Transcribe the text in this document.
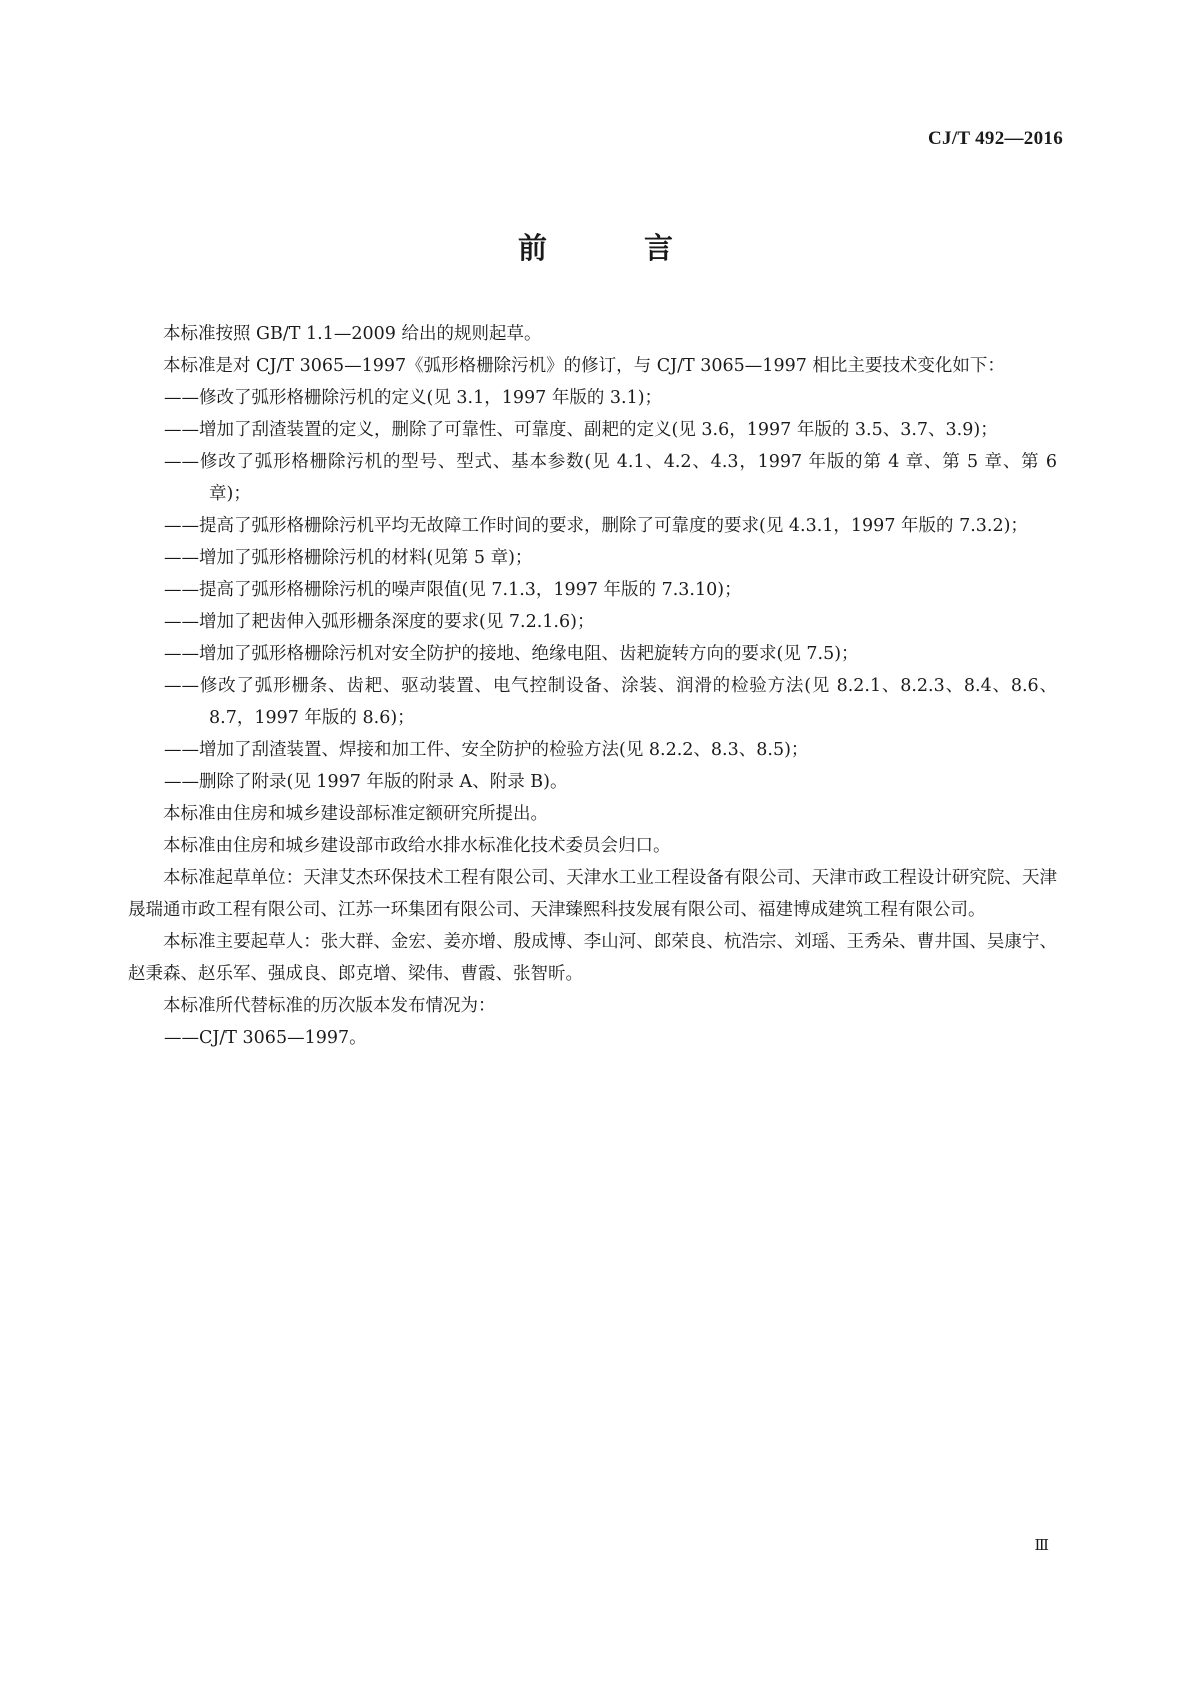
CJ/T 492—2016
前　言

本标准按照 GB/T 1.1—2009 给出的规则起草。

本标准是对 CJ/T 3065—1997《弧形格栅除污机》的修订，与 CJ/T 3065—1997 相比主要技术变化如下：

——修改了弧形格栅除污机的定义(见 3.1，1997 年版的 3.1)；

——增加了刮渣装置的定义，删除了可靠性、可靠度、副耙的定义(见 3.6，1997 年版的 3.5、3.7、3.9)；

——修改了弧形格栅除污机的型号、型式、基本参数(见 4.1、4.2、4.3，1997 年版的第 4 章、第 5 章、第 6 章)；

——提高了弧形格栅除污机平均无故障工作时间的要求，删除了可靠度的要求(见 4.3.1，1997 年版的 7.3.2)；

——增加了弧形格栅除污机的材料(见第 5 章)；

——提高了弧形格栅除污机的噪声限值(见 7.1.3，1997 年版的 7.3.10)；

——增加了耙齿伸入弧形栅条深度的要求(见 7.2.1.6)；

——增加了弧形格栅除污机对安全防护的接地、绝缘电阻、齿耙旋转方向的要求(见 7.5)；

——修改了弧形栅条、齿耙、驱动装置、电气控制设备、涂装、润滑的检验方法(见 8.2.1、8.2.3、8.4、8.6、8.7，1997 年版的 8.6)；

——增加了刮渣装置、焊接和加工件、安全防护的检验方法(见 8.2.2、8.3、8.5)；

——删除了附录(见 1997 年版的附录 A、附录 B)。

本标准由住房和城乡建设部标准定额研究所提出。

本标准由住房和城乡建设部市政给水排水标准化技术委员会归口。

本标准起草单位：天津艾杰环保技术工程有限公司、天津水工业工程设备有限公司、天津市政工程设计研究院、天津晟瑞通市政工程有限公司、江苏一环集团有限公司、天津臻熙科技发展有限公司、福建博成建筑工程有限公司。

本标准主要起草人：张大群、金宏、姜亦增、殷成博、李山河、郎荣良、杭浩宗、刘瑶、王秀朵、曹井国、吴康宁、赵秉森、赵乐军、强成良、郎克增、梁伟、曹霞、张智昕。

本标准所代替标准的历次版本发布情况为：

——CJ/T 3065—1997。

Ⅲ
